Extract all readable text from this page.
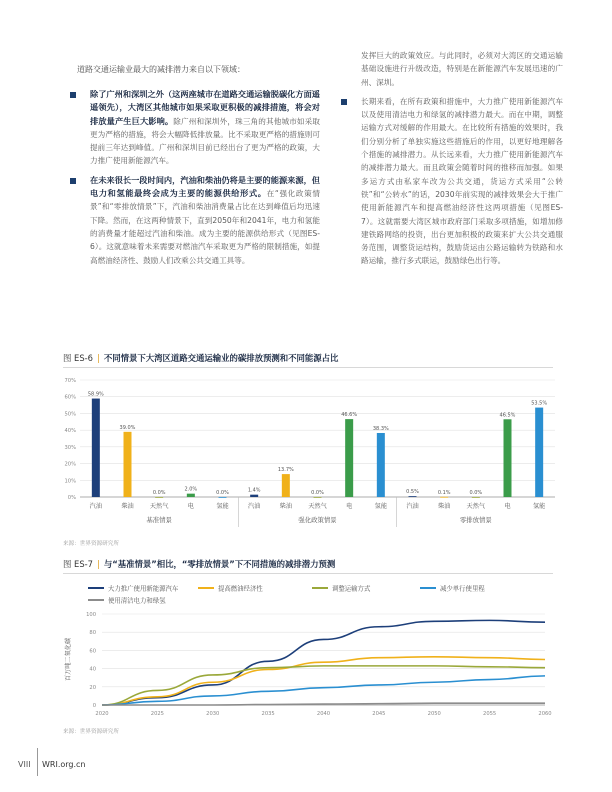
道路交通运输业最大的减排潜力来自以下领域：
除了广州和深圳之外（这两座城市在道路交通运输脱碳化方面遥遥领先），大湾区其他城市如果采取更积极的减排措施，将会对排放量产生巨大影响。除广州和深圳外，珠三角的其他城市如采取更为严格的措施，将会大幅降低排放量。比不采取更严格的措施则可提前三年达到峰值。广州和深圳目前已经出台了更为严格的政策，大力推广使用新能源汽车。
在未来很长一段时间内，汽油和柴油仍将是主要的能源来源，但电力和氢能最终会成为主要的能源供给形式。在“强化政策情景”和“零排放情景”下，汽油和柴油消费量占比在达到峰值后均迅速下降。然而，在这两种情景下，直到2050年和2041年，电力和氢能的消费量才能超过汽油和柴油。成为主要的能源供给形式（见图ES-6）。这就意味着未来需要对燃油汽车采取更为严格的限制措施，如提高燃油经济性、鼓励人们改乘公共交通工具等。
发挥巨大的政策效应。与此同时，必须对大湾区的交通运输基础设施进行升级改造，特别是在新能源汽车发展迅速的广州、深圳。
长期来看，在所有政策和措施中，大力推广使用新能源汽车以及使用清洁电力和绿氢的减排潜力最大。而在中期，调整运输方式对缓解的作用最大。在比较所有措施的效果时，我们分别分析了单独实施这些措施后的作用，以更好地理解各个措施的减排潜力。从长远来看，大力推广使用新能源汽车的减排潜力最大。而且政策会随着时间的推移而加强。如果多运方式由私家车改为公共交通，货运方式采用“公转铁”和“公转水”的话，2030年前实现的减排效果会大于推广使用新能源汽车和提高燃油经济性这两项措施（见图ES-7）。这就需要大湾区城市政府部门采取多项措施，如增加修建铁路网络的投资，出台更加积极的政策来扩大公共交通服务范围，调整货运结构，鼓励货运由公路运输转为铁路和水路运输，推行多式联运，鼓励绿色出行等。
图 ES-6 | 不同情景下大湾区道路交通运输业的碳排放预测和不同能源占比
70%
60%
50%
40%
30%
20%
10%
0%
58.9%
汽油
39.0%
柴油
0.0%
天然气
2.0%
电
0.0%
氢能
基准情景
1.4%
汽油
13.7%
柴油
0.0%
天然气
46.6%
电
38.3%
氢能
强化政策情景
0.5%
汽油
0.1%
柴油
0.0%
天然气
46.5%
电
53.5%
氢能
零排放情景
来源：世界资源研究所
图 ES-7 | 与“基准情景”相比，“零排放情景”下不同措施的减排潜力预测
大力推广使用新能源汽车	提高燃油经济性	调整运输方式	减少单行使里程
使用清洁电力和绿氢
100
80
60
40
20
0
百万吨二氧化碳
2020	2025	2030	2035	2040	2045	2050	2055	2060
来源：世界资源研究所
VIII WRI.org.cn
